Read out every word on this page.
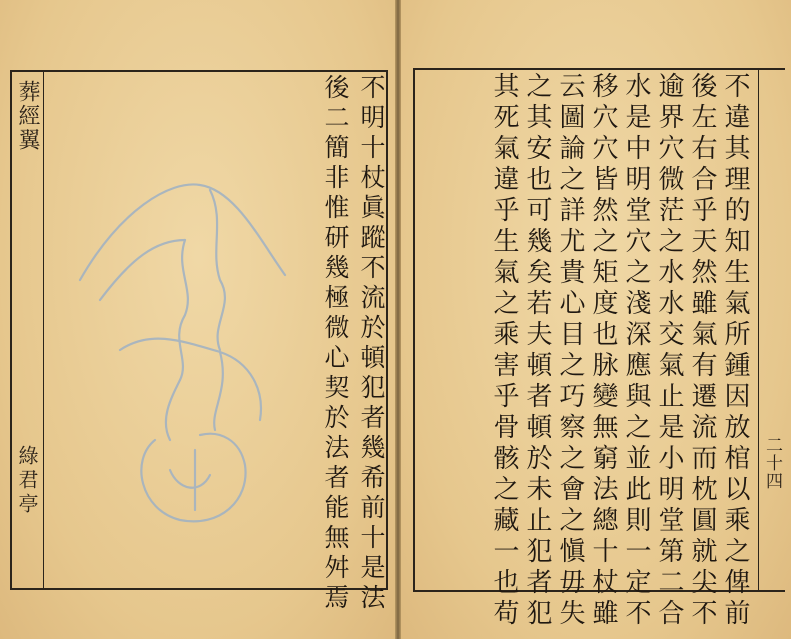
葬經翼
綠君亭	不明十杖眞蹤不流於頓犯者幾希前十是法
後二簡非惟研幾極微心契於法者能無舛焉	二十四
不違其理的知生氣所鍾因放棺以乘之俾前
後左右合乎天然雖氣有遷流而枕圓就尖不
逾界穴微茫之水水交氣止是小明堂第二合
水是中明堂穴之淺深應與之並此則一定不
移穴穴皆然之矩度也脉變無窮法總十杖雖
云圖論之詳尤貴心目之巧察之會之愼毋失
之其安也可幾矣若夫頓者頓於未止犯者犯
其死氣違乎生氣之乘害乎骨骸之藏一也苟
